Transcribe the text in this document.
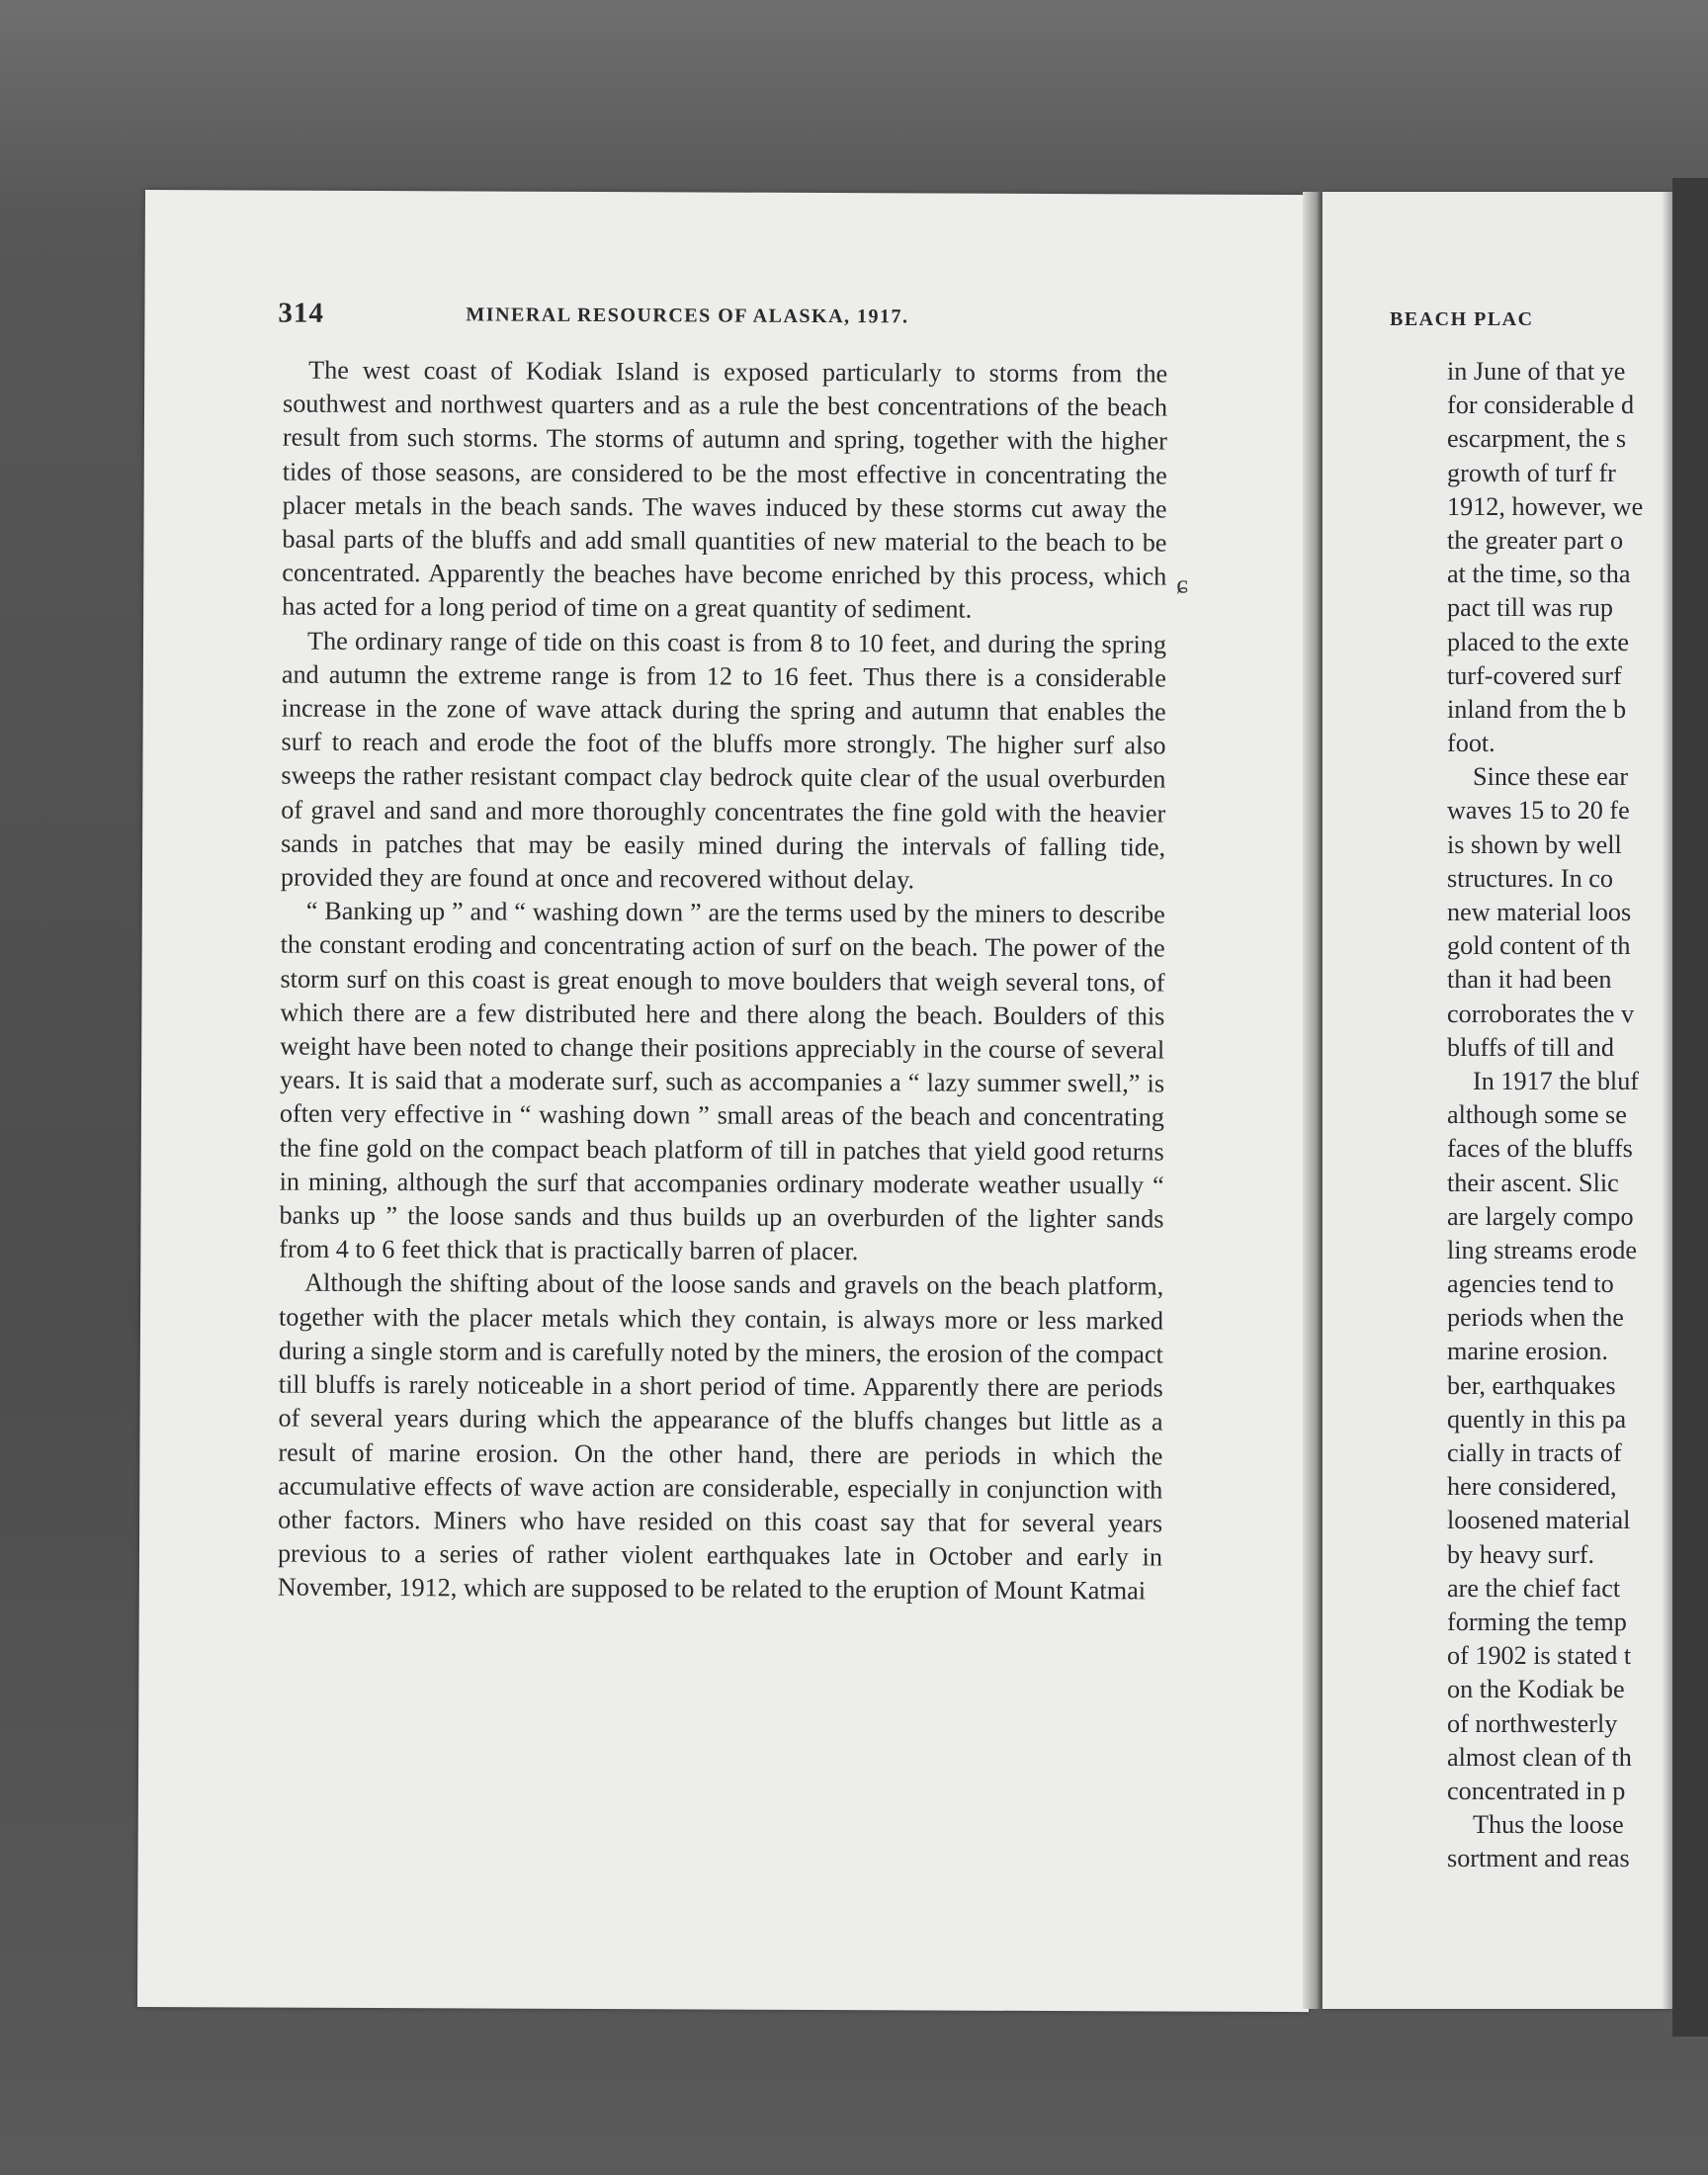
314	MINERAL RESOURCES OF ALASKA, 1917.

The west coast of Kodiak Island is exposed particularly to storms from the southwest and northwest quarters and as a rule the best concentrations of the beach result from such storms. The storms of autumn and spring, together with the higher tides of those seasons, are considered to be the most effective in concentrating the placer metals in the beach sands. The waves induced by these storms cut away the basal parts of the bluffs and add small quantities of new material to the beach to be concentrated. Apparently the beaches have become enriched by this process, which has acted for a long period of time on a great quantity of sediment.

The ordinary range of tide on this coast is from 8 to 10 feet, and during the spring and autumn the extreme range is from 12 to 16 feet. Thus there is a considerable increase in the zone of wave attack during the spring and autumn that enables the surf to reach and erode the foot of the bluffs more strongly. The higher surf also sweeps the rather resistant compact clay bedrock quite clear of the usual overburden of gravel and sand and more thoroughly concentrates the fine gold with the heavier sands in patches that may be easily mined during the intervals of falling tide, provided they are found at once and recovered without delay.

“ Banking up ” and “ washing down ” are the terms used by the miners to describe the constant eroding and concentrating action of surf on the beach. The power of the storm surf on this coast is great enough to move boulders that weigh several tons, of which there are a few distributed here and there along the beach. Boulders of this weight have been noted to change their positions appreciably in the course of several years. It is said that a moderate surf, such as accompanies a “ lazy summer swell,” is often very effective in “ washing down ” small areas of the beach and concentrating the fine gold on the compact beach platform of till in patches that yield good returns in mining, although the surf that accompanies ordinary moderate weather usually “ banks up ” the loose sands and thus builds up an overburden of the lighter sands from 4 to 6 feet thick that is practically barren of placer.

Although the shifting about of the loose sands and gravels on the beach platform, together with the placer metals which they contain, is always more or less marked during a single storm and is carefully noted by the miners, the erosion of the compact till bluffs is rarely noticeable in a short period of time. Apparently there are periods of several years during which the appearance of the bluffs changes but little as a result of marine erosion. On the other hand, there are periods in which the accumulative effects of wave action are considerable, especially in conjunction with other factors. Miners who have resided on this coast say that for several years previous to a series of rather violent earthquakes late in October and early in November, 1912, which are supposed to be related to the eruption of Mount Katmai

ɕ
BEACH PLAC
in June of that ye
for considerable d
escarpment, the s
growth of turf fr
1912, however, we
the greater part o
at the time, so tha
pact till was rup
placed to the exte
turf-covered surf
inland from the b
foot.
Since these ear
waves 15 to 20 fe
is shown by well
structures. In co
new material loos
gold content of th
than it had been
corroborates the v
bluffs of till and
In 1917 the bluf
although some se
faces of the bluffs
their ascent. Slic
are largely compo
ling streams erode
agencies tend to
periods when the
marine erosion.
ber, earthquakes
quently in this pa
cially in tracts of
here considered,
loosened material
by heavy surf.
are the chief fact
forming the temp
of 1902 is stated t
on the Kodiak be
of northwesterly
almost clean of th
concentrated in p
Thus the loose
sortment and reas
